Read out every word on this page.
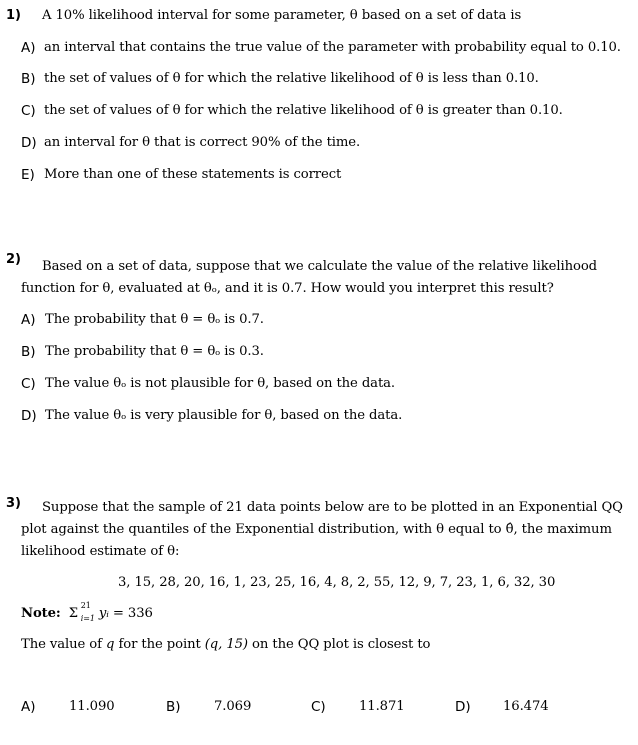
1) A 10% likelihood interval for some parameter, θ based on a set of data is
A) an interval that contains the true value of the parameter with probability equal to 0.10.
B) the set of values of θ for which the relative likelihood of θ is less than 0.10.
C) the set of values of θ for which the relative likelihood of θ is greater than 0.10.
D) an interval for θ that is correct 90% of the time.
E) More than one of these statements is correct
2) Based on a set of data, suppose that we calculate the value of the relative likelihood
function for θ, evaluated at θₒ, and it is 0.7. How would you interpret this result?
A) The probability that θ = θₒ is 0.7.
B) The probability that θ = θₒ is 0.3.
C) The value θₒ is not plausible for θ, based on the data.
D) The value θₒ is very plausible for θ, based on the data.
3) Suppose that the sample of 21 data points below are to be plotted in an Exponential QQ
plot against the quantiles of the Exponential distribution, with θ equal to θ̂, the maximum
likelihood estimate of θ:
3, 15, 28, 20, 16, 1, 23, 25, 16, 4, 8, 2, 55, 12, 9, 7, 23, 1, 6, 32, 30
Note: Σ
21
i=1 yᵢ = 336
The value of q for the point (q, 15) on the QQ plot is closest to
A)	11.090	B)	7.069	C)	11.871	D) 16.474
